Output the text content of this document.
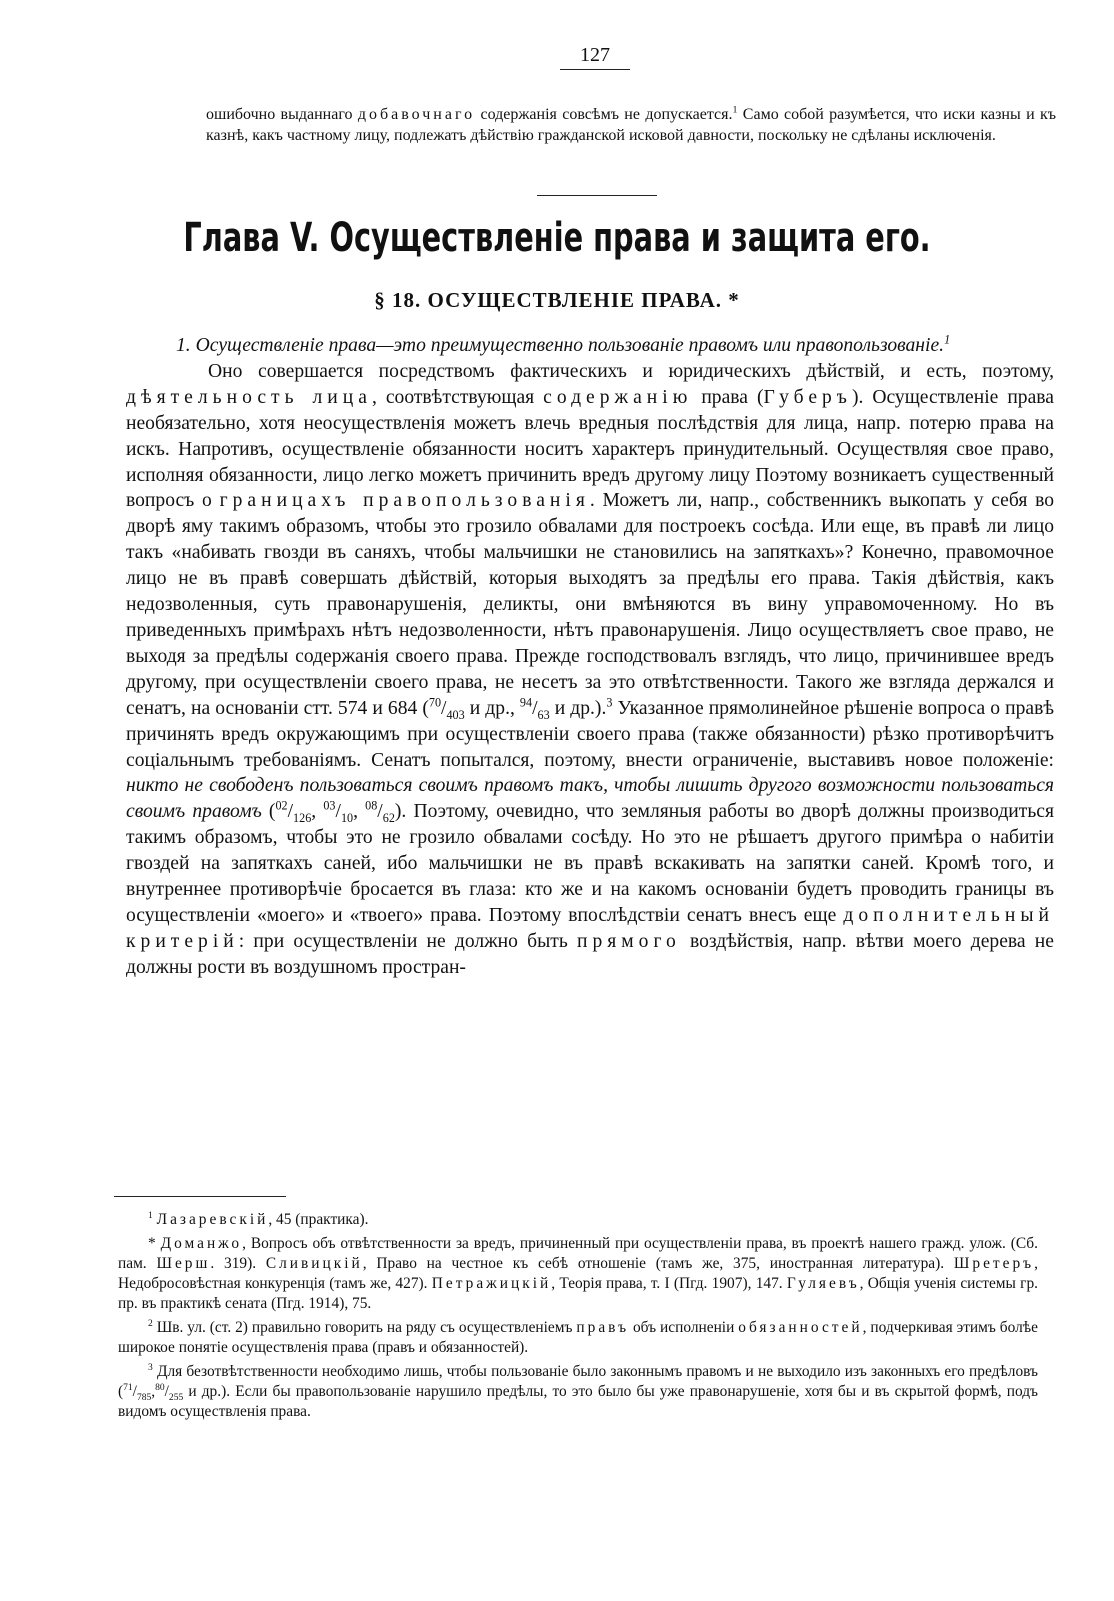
127

ошибочно выданнаго добавочнаго содержанія совсѣмъ не допускается.$^1$ Само собой разумѣется, что иски казны и къ казнѣ, какъ частному лицу, подлежатъ дѣйствію гражданской исковой давности, поскольку не сдѣланы исключенія.

Глава V. Осуществленіе права и защита его.
§ 18. ОСУЩЕСТВЛЕНІЕ ПРАВА. *

1. Осуществленіе права—это преимущественно пользованіе правомъ или правопользованіе.$^1$

Оно совершается посредствомъ фактическихъ и юридическихъ дѣйствій, и есть, поэтому, дѣятельность лица, соотвѣтствующая содержанію права (Губеръ). Осуществленіе права необязательно, хотя неосуществленія можетъ влечь вредныя послѣдствія для лица, напр. потерю права на искъ. Напротивъ, осуществленіе обязанности носитъ характеръ принудительный. Осуществляя свое право, исполняя обязанности, лицо легко можетъ причинить вредъ другому лицу Поэтому возникаетъ существенный вопросъ о границахъ правопользованія. Можетъ ли, напр., собственникъ выкопать у себя во дворѣ яму такимъ образомъ, чтобы это грозило обвалами для построекъ сосѣда. Или еще, въ правѣ ли лицо такъ «набивать гвозди въ саняхъ, чтобы мальчишки не становились на запяткахъ»? Конечно, правомочное лицо не въ правѣ совершать дѣйствій, которыя выходятъ за предѣлы его права. Такія дѣйствія, какъ недозволенныя, суть правонарушенія, деликты, они вмѣняются въ вину управомоченному. Но въ приведенныхъ примѣрахъ нѣтъ недозволенности, нѣтъ правонарушенія. Лицо осуществляетъ свое право, не выходя за предѣлы содержанія своего права. Прежде господствовалъ взглядъ, что лицо, причинившее вредъ другому, при осуществленіи своего права, не несетъ за это отвѣтственности. Такого же взгляда держался и сенатъ, на основаніи стт. 574 и 684 ($^{70}/_{403}$ и др., $^{94}/_{63}$ и др.).$^3$ Указанное прямолинейное рѣшеніе вопроса о правѣ причинять вредъ окружающимъ при осуществленіи своего права (также обязанности) рѣзко противорѣчитъ соціальнымъ требованіямъ. Сенатъ попытался, поэтому, внести ограниченіе, выставивъ новое положеніе: никто не свободенъ пользоваться своимъ правомъ такъ, чтобы лишить другого возможности пользоваться своимъ правомъ ($^{02}/_{126}$, $^{03}/_{10}$, $^{08}/_{62}$). Поэтому, очевидно, что земляныя работы во дворѣ должны производиться такимъ образомъ, чтобы это не грозило обвалами сосѣду. Но это не рѣшаетъ другого примѣра о набитіи гвоздей на запяткахъ саней, ибо мальчишки не въ правѣ вскакивать на запятки саней. Кромѣ того, и внутреннее противорѣчіе бросается въ глаза: кто же и на какомъ основаніи будетъ проводить границы въ осуществленіи «моего» и «твоего» права. Поэтому впослѣдствіи сенатъ внесъ еще дополнительный критерій: при осуществленіи не должно быть прямого воздѣйствія, напр. вѣтви моего дерева не должны рости въ воздушномъ простран-

$^1$ Лазаревскій, 45 (практика).

* Доманжо, Вопросъ объ отвѣтственности за вредъ, причиненный при осуществленіи права, въ проектѣ нашего гражд. улож. (Сб. пам. Шерш. 319). Сливицкій, Право на честное къ себѣ отношеніе (тамъ же, 375, иностранная литература). Шретеръ, Недобросовѣстная конкуренція (тамъ же, 427). Петражицкій, Теорія права, т. I (Пгд. 1907), 147. Гуляевъ, Общія ученія системы гр. пр. въ практикѣ сената (Пгд. 1914), 75.

$^2$ Шв. ул. (ст. 2) правильно говорить на ряду съ осуществленіемъ правъ объ исполненіи обязанностей, подчеркивая этимъ болѣе широкое понятіе осуществленія права (правъ и обязанностей).

$^3$ Для безотвѣтственности необходимо лишь, чтобы пользованіе было законнымъ правомъ и не выходило изъ законныхъ его предѣловъ ($^{71}/_{785},^{80}/_{255}$ и др.). Если бы правопользованіе нарушило предѣлы, то это было бы уже правонарушеніе, хотя бы и въ скрытой формѣ, подъ видомъ осуществленія права.
